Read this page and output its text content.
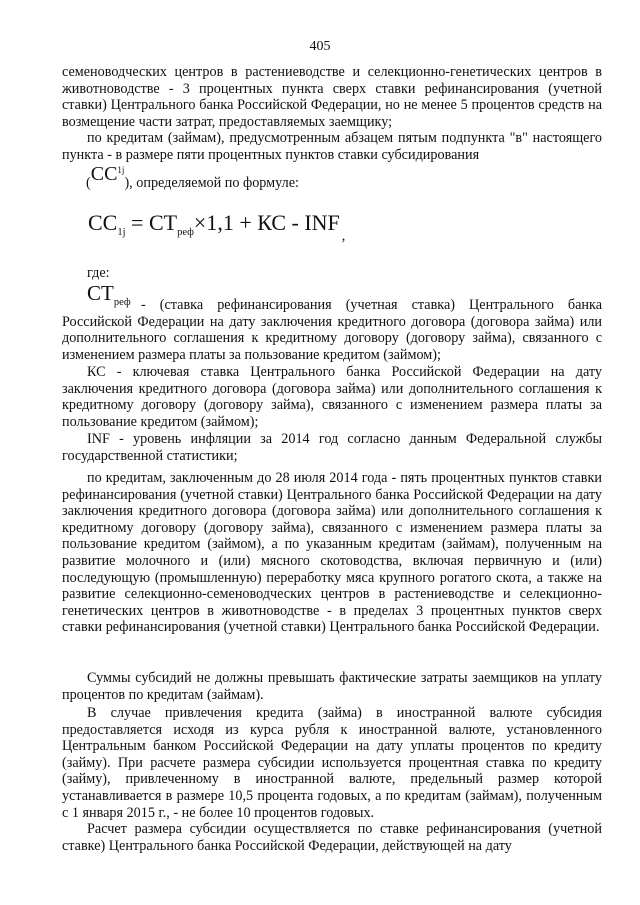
405
семеноводческих центров в растениеводстве и селекционно-генетических центров в животноводстве - 3 процентных пункта сверх ставки рефинансирования (учетной ставки) Центрального банка Российской Федерации, но не менее 5 процентов средств на возмещение части затрат, предоставляемых заемщику;
по кредитам (займам), предусмотренным абзацем пятым подпункта "в" настоящего пункта - в размере пяти процентных пунктов ставки субсидирования
$(CC^{1j})$, определяемой по формуле:
$CC_{1j} = CT_{реф}\times 1,1$ + КС - INF,
где:
$CT_{реф}$ - (ставка рефинансирования (учетная ставка) Центрального банка Российской Федерации на дату заключения кредитного договора (договора займа) или дополнительного соглашения к кредитному договору (договору займа), связанного с изменением размера платы за пользование кредитом (займом);
КС - ключевая ставка Центрального банка Российской Федерации на дату заключения кредитного договора (договора займа) или дополнительного соглашения к кредитному договору (договору займа), связанного с изменением размера платы за пользование кредитом (займом);
INF - уровень инфляции за 2014 год согласно данным Федеральной службы государственной статистики;
по кредитам, заключенным до 28 июля 2014 года - пять процентных пунктов ставки рефинансирования (учетной ставки) Центрального банка Российской Федерации на дату заключения кредитного договора (договора займа) или дополнительного соглашения к кредитному договору (договору займа), связанного с изменением размера платы за пользование кредитом (займом), а по указанным кредитам (займам), полученным на развитие молочного и (или) мясного скотоводства, включая первичную и (или) последующую (промышленную) переработку мяса крупного рогатого скота, а также на развитие селекционно-семеноводческих центров в растениеводстве и селекционно-генетических центров в животноводстве - в пределах 3 процентных пунктов сверх ставки рефинансирования (учетной ставки) Центрального банка Российской Федерации.
Суммы субсидий не должны превышать фактические затраты заемщиков на уплату процентов по кредитам (займам).
В случае привлечения кредита (займа) в иностранной валюте субсидия предоставляется исходя из курса рубля к иностранной валюте, установленного Центральным банком Российской Федерации на дату уплаты процентов по кредиту (займу). При расчете размера субсидии используется процентная ставка по кредиту (займу), привлеченному в иностранной валюте, предельный размер которой устанавливается в размере 10,5 процента годовых, а по кредитам (займам), полученным с 1 января 2015 г., - не более 10 процентов годовых.
Расчет размера субсидии осуществляется по ставке рефинансирования (учетной ставке) Центрального банка Российской Федерации, действующей на дату
